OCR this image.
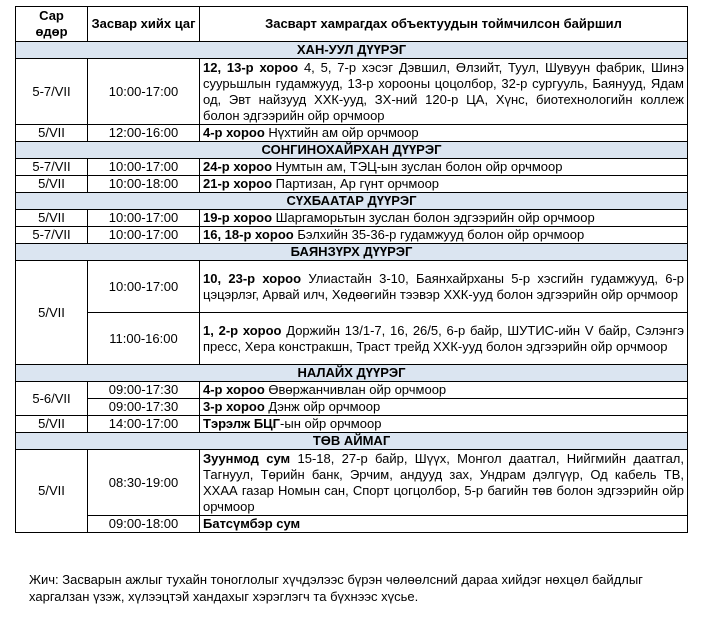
Сар
өдөр	Засвар хийх цаг	Засварт хамрагдах объектуудын тоймчилсон байршил
ХАН-УУЛ ДҮҮРЭГ		
5-7/VII	10:00-17:00	12, 13-р хороо 4, 5, 7-р хэсэг Дэвшил, Өлзийт, Туул, Шувуун фабрик, Шинэ суурьшлын гудамжууд, 13-р хорооны цоцолбор, 32-р сургууль, Баянууд, Ядам од, Эвт найзууд ХХК-ууд, ЗХ-ний 120-р ЦА, Хүнс, биотехнологийн коллеж болон эдгээрийн ойр орчмоор
5/VII	12:00-16:00	4-р хороо Нүхтийн ам ойр орчмоор
СОНГИНОХАЙРХАН ДҮҮРЭГ		
5-7/VII	10:00-17:00	24-р хороо Нумтын ам, ТЭЦ-ын зуслан болон ойр орчмоор
5/VII	10:00-18:00	21-р хороо Партизан, Ар гүнт орчмоор
СҮХБААТАР ДҮҮРЭГ		
5/VII	10:00-17:00	19-р хороо Шаргаморьтын зуслан болон эдгээрийн ойр орчмоор
5-7/VII	10:00-17:00	16, 18-р хороо Бэлхийн 35-36-р гудамжууд болон ойр орчмоор
БАЯНЗҮРХ ДҮҮРЭГ		
5/VII	10:00-17:00	10, 23-р хороо Улиастайн 3-10, Баянхайрханы 5-р хэсгийн гудамжууд, 6-р цэцэрлэг, Арвай илч, Хөдөөгийн тээвэр ХХК-ууд болон эдгээрийн ойр орчмоор
	11:00-16:00	1, 2-р хороо Доржийн 13/1-7, 16, 26/5, 6-р байр, ШУТИС-ийн V байр, Сэлэнгэ пресс, Хера констракшн, Траст трейд ХХК-ууд болон эдгээрийн ойр орчмоор
НАЛАЙХ ДҮҮРЭГ		
5-6/VII	09:00-17:30	4-р хороо Өвөржанчивлан ойр орчмоор
	09:00-17:30	3-р хороо Дэнж ойр орчмоор
5/VII	14:00-17:00	Тэрэлж БЦГ-ын ойр орчмоор
ТӨВ АЙМАГ		
5/VII	08:30-19:00	Зуунмод сум 15-18, 27-р байр, Шүүх, Монгол даатгал, Нийгмийн даатгал, Тагнуул, Төрийн банк, Эрчим, андууд зах, Ундрам дэлгүүр, Од кабель ТВ, ХХАА газар Номын сан, Спорт цогцолбор, 5-р багийн төв болон эдгээрийн ойр орчмоор
	09:00-18:00	Батсүмбэр сум
Жич: Засварын ажлыг тухайн тоноглолыг хүчдэлээс бүрэн чөлөөлсний дараа хийдэг нөхцөл байдлыг харгалзан үзэж, хүлээцтэй хандахыг хэрэглэгч та бүхнээс хүсье.
